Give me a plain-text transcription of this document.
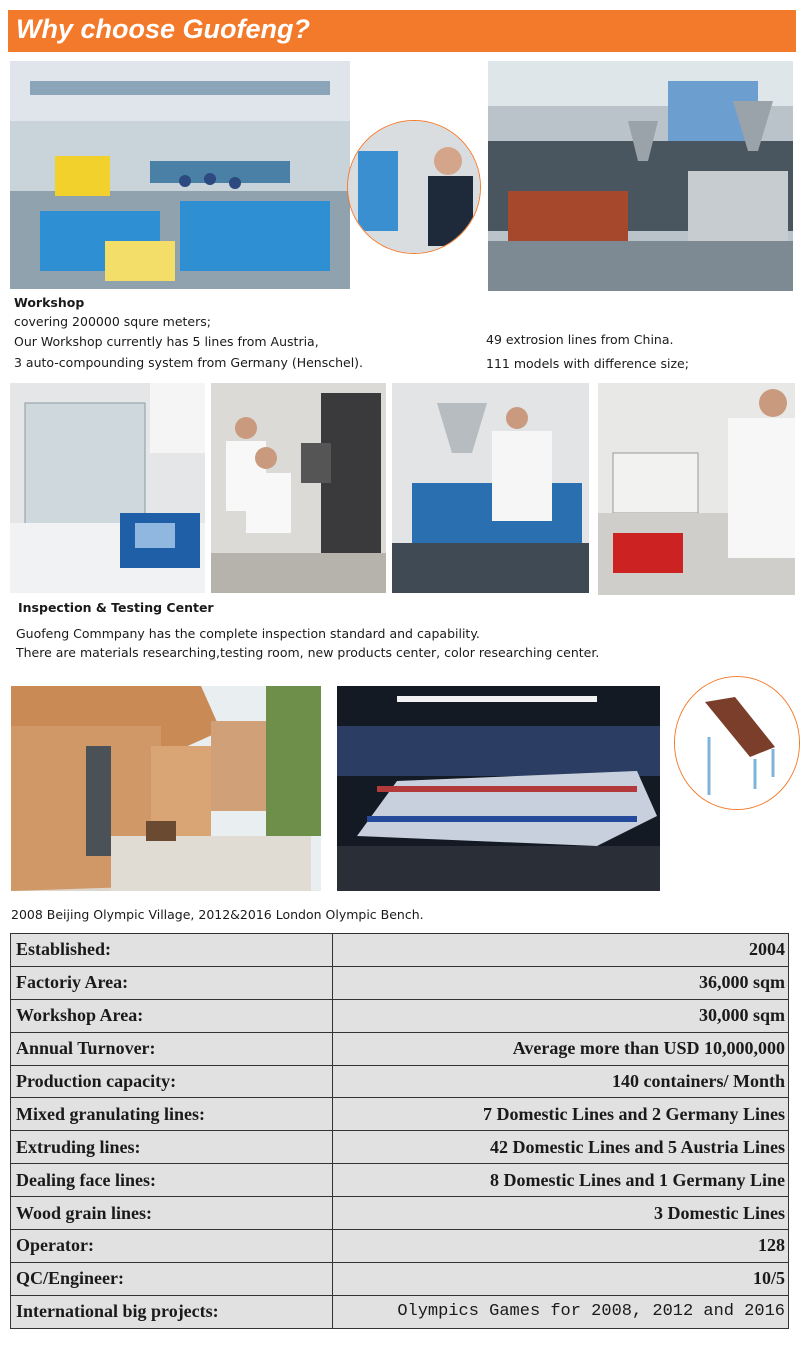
Why choose Guofeng?
Workshop
covering 200000 squre meters;
Our Workshop currently has 5 lines from Austria,
3 auto-compounding system from Germany (Henschel).
49 extrosion lines from China.
111 models with difference size;
Inspection & Testing Center
Guofeng Commpany has the complete inspection standard and capability.
There are materials researching,testing room, new products center, color researching center.
2008 Beijing Olympic Village, 2012&2016 London Olympic Bench.
Established:	2004
Factoriy Area:	36,000 sqm
Workshop Area:	30,000 sqm
Annual Turnover:	Average more than USD 10,000,000
Production capacity:	140 containers/ Month
Mixed granulating lines:	7 Domestic Lines and 2 Germany Lines
Extruding lines:	42 Domestic Lines and 5 Austria Lines
Dealing face lines:	8 Domestic Lines and 1 Germany Line
Wood grain lines:	3 Domestic Lines
Operator:	128
QC/Engineer:	10/5
International big projects:	Olympics Games for 2008, 2012 and 2016
